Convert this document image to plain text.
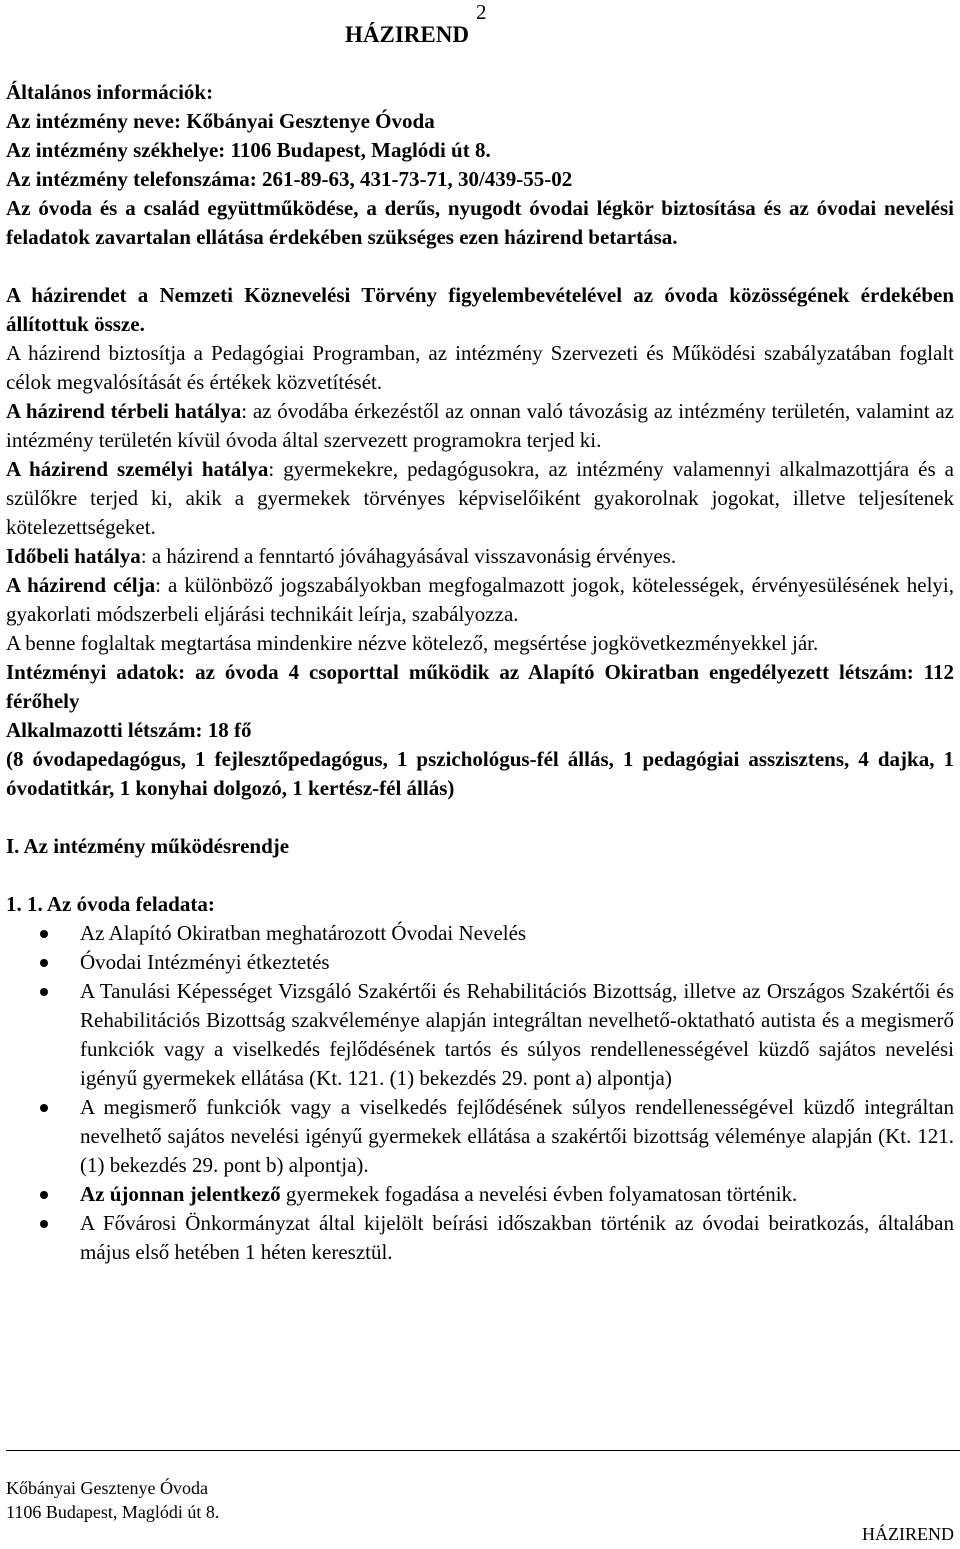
2
HÁZIREND

Általános információk:

Az intézmény neve: Kőbányai Gesztenye Óvoda

Az intézmény székhelye: 1106 Budapest, Maglódi út 8.

Az intézmény telefonszáma: 261-89-63, 431-73-71, 30/439-55-02

Az óvoda és a család együttműködése, a derűs, nyugodt óvodai légkör biztosítása és az óvodai nevelési feladatok zavartalan ellátása érdekében szükséges ezen házirend betartása.

A házirendet a Nemzeti Köznevelési Törvény figyelembevételével az óvoda közösségének érdekében állítottuk össze.

A házirend biztosítja a Pedagógiai Programban, az intézmény Szervezeti és Működési szabályzatában foglalt célok megvalósítását és értékek közvetítését.

A házirend térbeli hatálya: az óvodába érkezéstől az onnan való távozásig az intézmény területén, valamint az intézmény területén kívül óvoda által szervezett programokra terjed ki.

A házirend személyi hatálya: gyermekekre, pedagógusokra, az intézmény valamennyi alkalmazottjára és a szülőkre terjed ki, akik a gyermekek törvényes képviselőiként gyakorolnak jogokat, illetve teljesítenek kötelezettségeket.

Időbeli hatálya: a házirend a fenntartó jóváhagyásával visszavonásig érvényes.

A házirend célja: a különböző jogszabályokban megfogalmazott jogok, kötelességek, érvényesülésének helyi, gyakorlati módszerbeli eljárási technikáit leírja, szabályozza.

A benne foglaltak megtartása mindenkire nézve kötelező, megsértése jogkövetkezményekkel jár.

Intézményi adatok: az óvoda 4 csoporttal működik az Alapító Okiratban engedélyezett létszám: 112 férőhely

Alkalmazotti létszám: 18 fő

(8 óvodapedagógus, 1 fejlesztőpedagógus, 1 pszichológus-fél állás, 1 pedagógiai asszisztens, 4 dajka, 1 óvodatitkár, 1 konyhai dolgozó, 1 kertész-fél állás)

I. Az intézmény működésrendje

1. 1. Az óvoda feladata:

Az Alapító Okiratban meghatározott Óvodai Nevelés
Óvodai Intézményi étkeztetés
A Tanulási Képességet Vizsgáló Szakértői és Rehabilitációs Bizottság, illetve az Országos Szakértői és Rehabilitációs Bizottság szakvéleménye alapján integráltan nevelhető-oktatható autista és a megismerő funkciók vagy a viselkedés fejlődésének tartós és súlyos rendellenességével küzdő sajátos nevelési igényű gyermekek ellátása (Kt. 121. (1) bekezdés 29. pont a) alpontja)
A megismerő funkciók vagy a viselkedés fejlődésének súlyos rendellenességével küzdő integráltan nevelhető sajátos nevelési igényű gyermekek ellátása a szakértői bizottság véleménye alapján (Kt. 121. (1) bekezdés 29. pont b) alpontja).
Az újonnan jelentkező gyermekek fogadása a nevelési évben folyamatosan történik.
A Fővárosi Önkormányzat által kijelölt beírási időszakban történik az óvodai beiratkozás, általában május első hetében 1 héten keresztül.
Kőbányai Gesztenye Óvoda
1106 Budapest, Maglódi út 8.
HÁZIREND
